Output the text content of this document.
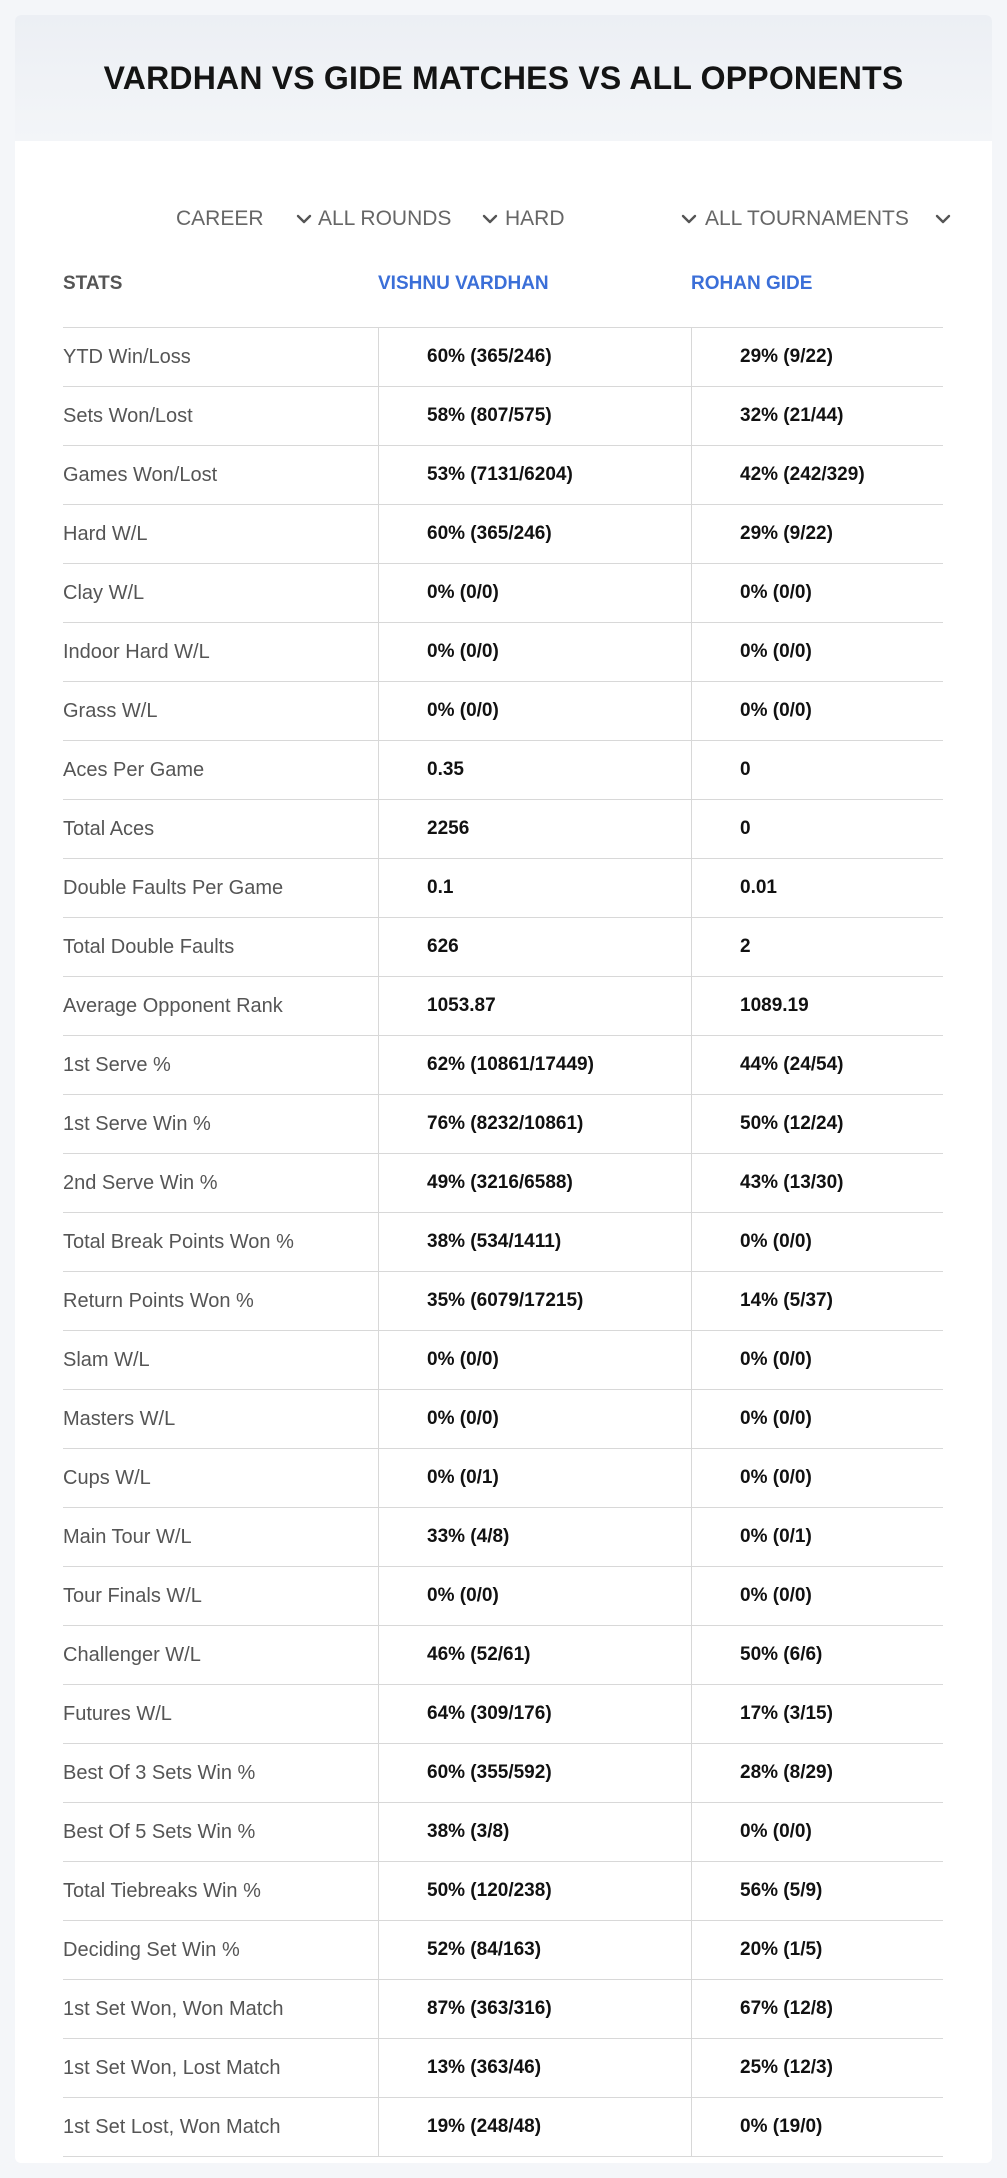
VARDHAN VS GIDE MATCHES VS ALL OPPONENTS
CAREER	ALL ROUNDS	HARD	ALL TOURNAMENTS
STATS	VISHNU VARDHAN	ROHAN GIDE
YTD Win/Loss	60% (365/246)	29% (9/22)
Sets Won/Lost	58% (807/575)	32% (21/44)
Games Won/Lost	53% (7131/6204)	42% (242/329)
Hard W/L	60% (365/246)	29% (9/22)
Clay W/L	0% (0/0)	0% (0/0)
Indoor Hard W/L	0% (0/0)	0% (0/0)
Grass W/L	0% (0/0)	0% (0/0)
Aces Per Game	0.35	0
Total Aces	2256	0
Double Faults Per Game	0.1	0.01
Total Double Faults	626	2
Average Opponent Rank	1053.87	1089.19
1st Serve %	62% (10861/17449)	44% (24/54)
1st Serve Win %	76% (8232/10861)	50% (12/24)
2nd Serve Win %	49% (3216/6588)	43% (13/30)
Total Break Points Won %	38% (534/1411)	0% (0/0)
Return Points Won %	35% (6079/17215)	14% (5/37)
Slam W/L	0% (0/0)	0% (0/0)
Masters W/L	0% (0/0)	0% (0/0)
Cups W/L	0% (0/1)	0% (0/0)
Main Tour W/L	33% (4/8)	0% (0/1)
Tour Finals W/L	0% (0/0)	0% (0/0)
Challenger W/L	46% (52/61)	50% (6/6)
Futures W/L	64% (309/176)	17% (3/15)
Best Of 3 Sets Win %	60% (355/592)	28% (8/29)
Best Of 5 Sets Win %	38% (3/8)	0% (0/0)
Total Tiebreaks Win %	50% (120/238)	56% (5/9)
Deciding Set Win %	52% (84/163)	20% (1/5)
1st Set Won, Won Match	87% (363/316)	67% (12/8)
1st Set Won, Lost Match	13% (363/46)	25% (12/3)
1st Set Lost, Won Match	19% (248/48)	0% (19/0)
